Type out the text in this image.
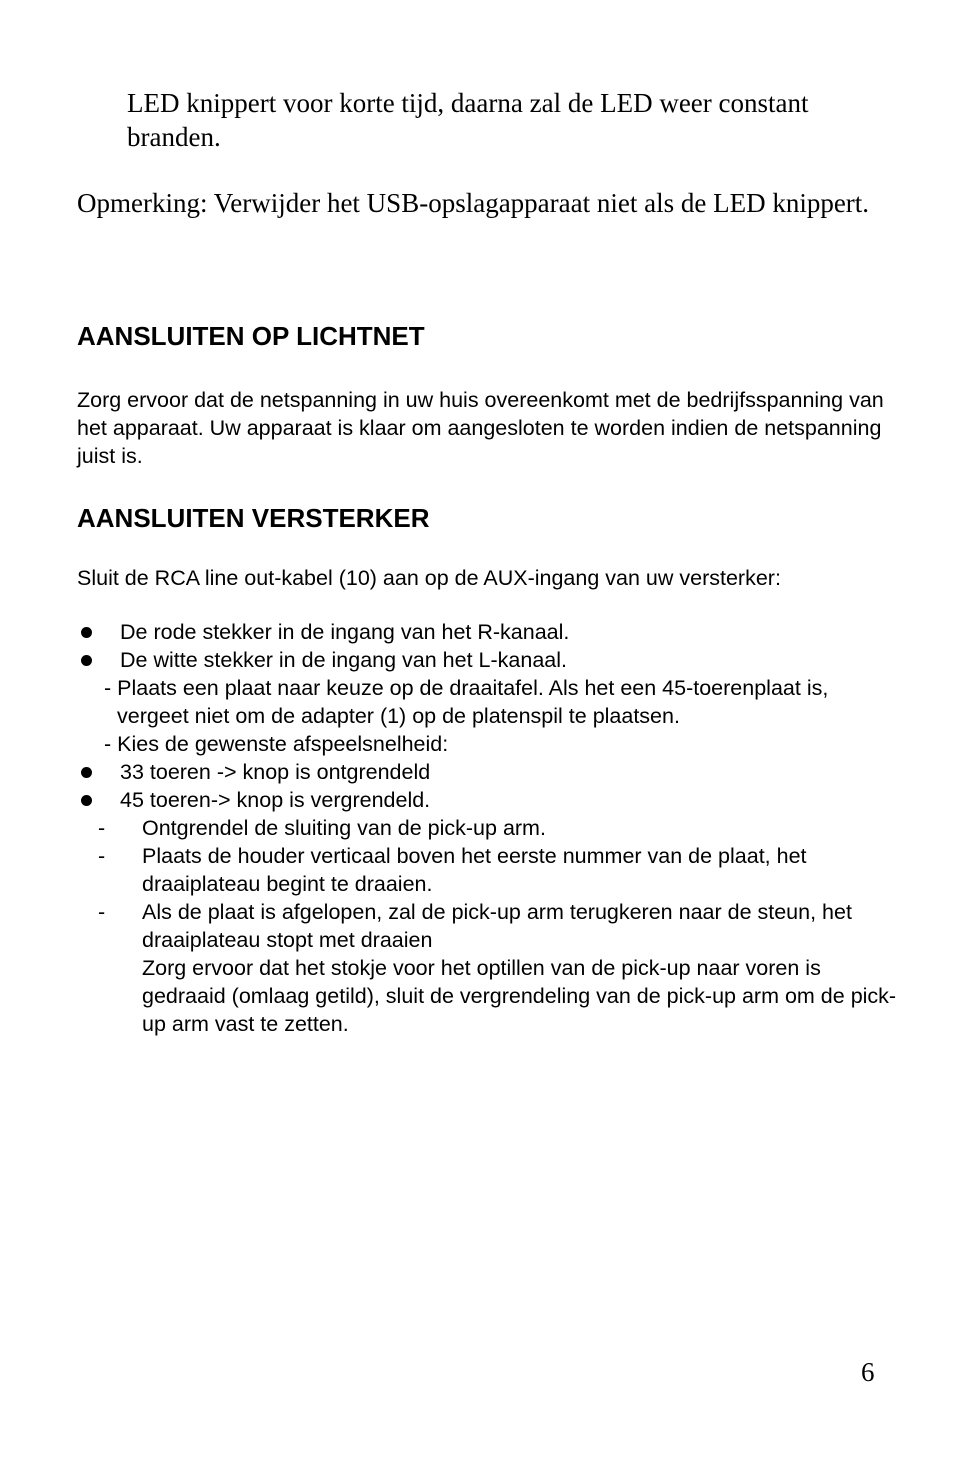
LED knippert voor korte tijd, daarna zal de LED weer constant branden.

Opmerking: Verwijder het USB-opslagapparaat niet als de LED knippert.

AANSLUITEN OP LICHTNET

Zorg ervoor dat de netspanning in uw huis overeenkomt met de bedrijfsspanning van het apparaat. Uw apparaat is klaar om aangesloten te worden indien de netspanning juist is.

AANSLUITEN VERSTERKER

Sluit de RCA line out-kabel (10) aan op de AUX-ingang van uw versterker:

De rode stekker in de ingang van het R-kanaal.
De witte stekker in de ingang van het L-kanaal.
- Plaats een plaat naar keuze op de draaitafel. Als het een 45-toerenplaat is, vergeet niet om de adapter (1) op de platenspil te plaatsen.
- Kies de gewenste afspeelsnelheid:
33 toeren -> knop is ontgrendeld
45 toeren-> knop is vergrendeld.
- Ontgrendel de sluiting van de pick-up arm.
- Plaats de houder verticaal boven het eerste nummer van de plaat, het draaiplateau begint te draaien.
- Als de plaat is afgelopen, zal de pick-up arm terugkeren naar de steun, het draaiplateau stopt met draaien
Zorg ervoor dat het stokje voor het optillen van de pick-up naar voren is gedraaid (omlaag getild), sluit de vergrendeling van de pick-up arm om de pick-up arm vast te zetten.
6
